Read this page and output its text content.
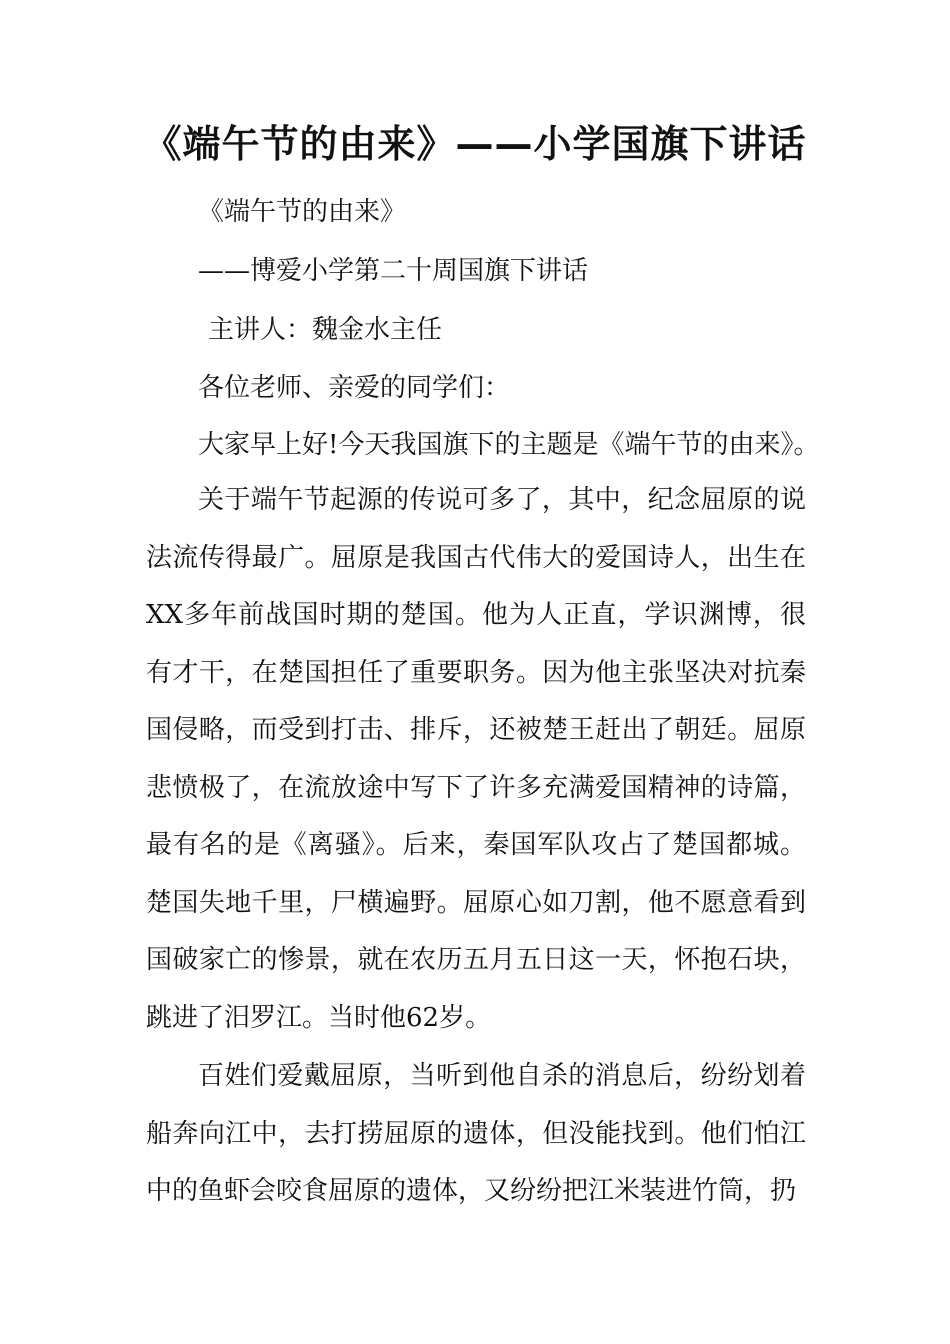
《端午节的由来》——小学国旗下讲话

《端午节的由来》

——博爱小学第二十周国旗下讲话

主讲人：魏金水主任

各位老师、亲爱的同学们：

大家早上好!今天我国旗下的主题是《端午节的由来》。

关于端午节起源的传说可多了，其中，纪念屈原的说法流传得最广。屈原是我国古代伟大的爱国诗人，出生在XX多年前战国时期的楚国。他为人正直，学识渊博，很有才干，在楚国担任了重要职务。因为他主张坚决对抗秦国侵略，而受到打击、排斥，还被楚王赶出了朝廷。屈原悲愤极了，在流放途中写下了许多充满爱国精神的诗篇，最有名的是《离骚》。后来，秦国军队攻占了楚国都城。楚国失地千里，尸横遍野。屈原心如刀割，他不愿意看到国破家亡的惨景，就在农历五月五日这一天，怀抱石块，跳进了汨罗江。当时他62岁。

百姓们爱戴屈原，当听到他自杀的消息后，纷纷划着船奔向江中，去打捞屈原的遗体，但没能找到。他们怕江中的鱼虾会咬食屈原的遗体，又纷纷把江米装进竹筒，扔
